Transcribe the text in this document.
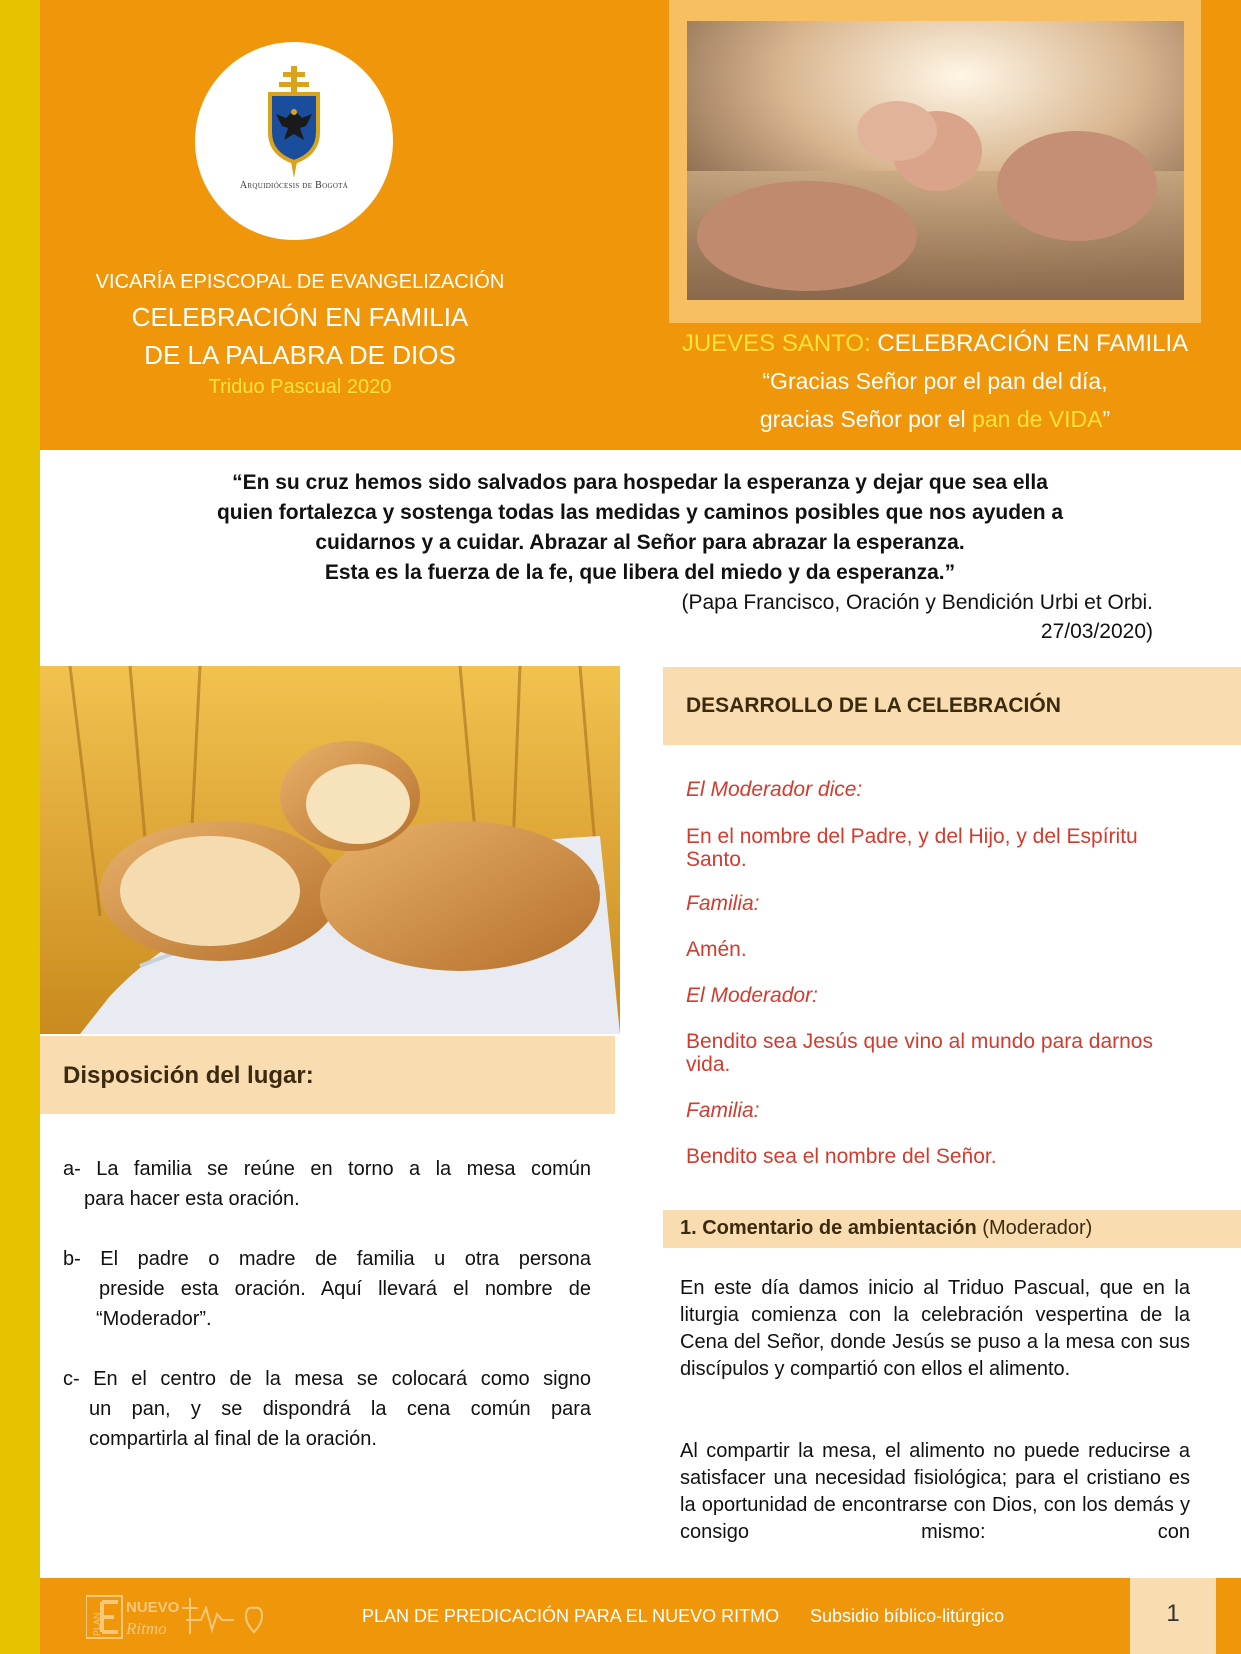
Arquidiócesis de Bogotá
VICARÍA EPISCOPAL DE EVANGELIZACIÓN
CELEBRACIÓN EN FAMILIA
DE LA PALABRA DE DIOS
Triduo Pascual 2020
JUEVES SANTO: CELEBRACIÓN EN FAMILIA
“Gracias Señor por el pan del día,
gracias Señor por el pan de VIDA”
“En su cruz hemos sido salvados para hospedar la esperanza y dejar que sea ella
quien fortalezca y sostenga todas las medidas y caminos posibles que nos ayuden a
cuidarnos y a cuidar. Abrazar al Señor para abrazar la esperanza.
Esta es la fuerza de la fe, que libera del miedo y da esperanza.”
(Papa Francisco, Oración y Bendición Urbi et Orbi.
27/03/2020)
Disposición del lugar:
a- La familia se reúne en torno a la mesa común
para hacer esta oración.
b- El padre o madre de familia u otra persona
preside esta oración. Aquí llevará el nombre de
“Moderador”.
c- En el centro de la mesa se colocará como signo
un pan, y se dispondrá la cena común para
compartirla al final de la oración.
DESARROLLO DE LA CELEBRACIÓN
El Moderador dice:
En el nombre del Padre, y del Hijo, y del Espíritu
Santo.
Familia:
Amén.
El Moderador:
Bendito sea Jesús que vino al mundo para darnos
vida.
Familia:
Bendito sea el nombre del Señor.
1. Comentario de ambientación (Moderador)
En este día damos inicio al Triduo Pascual, que en la liturgia comienza con la celebración vespertina de la Cena del Señor, donde Jesús se puso a la mesa con sus discípulos y compartió con ellos el alimento.
Al compartir la mesa, el alimento no puede reducirse a satisfacer una necesidad fisiológica; para el cristiano es la oportunidad de encontrarse con Dios, con los demás y consigo mismo: con
PLAN
NUEVO
Ritmo
PLAN DE PREDICACIÓN PARA EL NUEVO RITMO Subsidio bíblico-litúrgico	1
